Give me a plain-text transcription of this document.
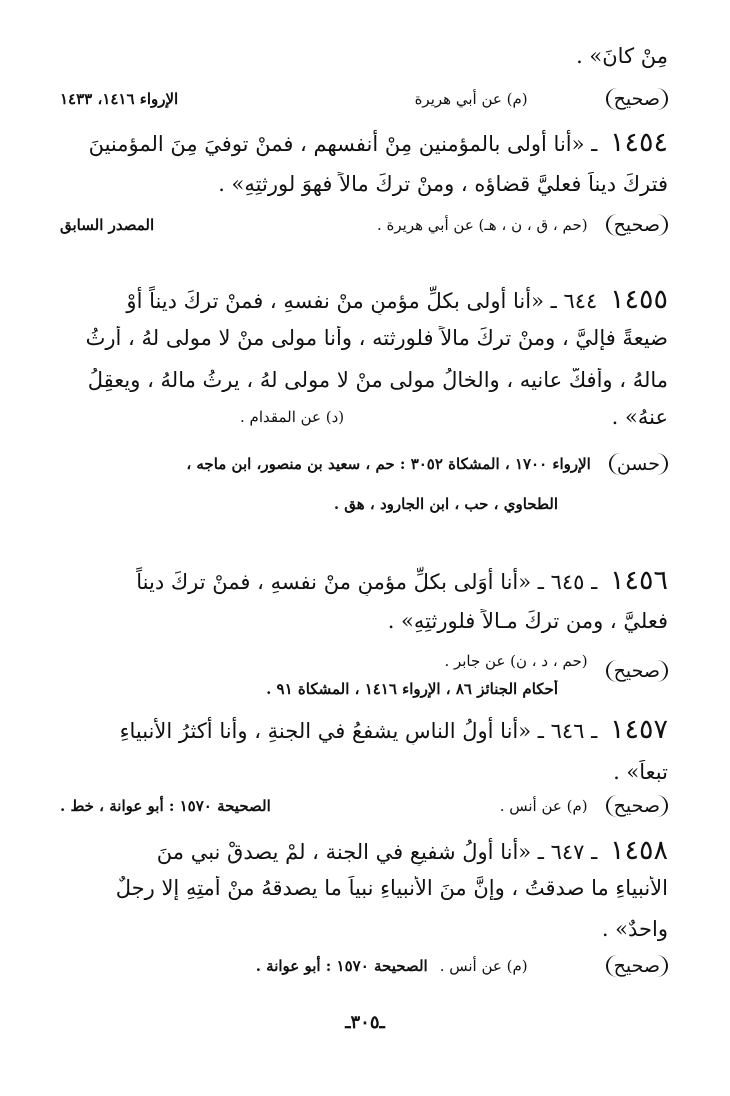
مِنْ كانَ» .
صحيح
(م) عن أبي هريرة
الإرواء ١٤١٦، ١٤٣٣
١٤٥٤ ـ «أنا أولى بالمؤمنين مِنْ أنفسهم ، فمنْ توفيَ مِنَ المؤمنينَ
فتركَ ديناً فعليَّ قضاؤه ، ومنْ تركَ مالاً فهوَ لورثتِهِ» .
صحيح
(حم ، ق ، ن ، هـ) عن أبي هريرة .
المصدر السابق
١٤٥٥ ٦٤٤ ـ «أنا أولى بكلِّ مؤمنٍ منْ نفسهِ ، فمنْ تركَ ديناً أوْ
ضيعةً فإليَّ ، ومنْ تركَ مالاً فلورثته ، وأنا مولى منْ لا مولى لهُ ، أرثُ
مالهُ ، وأفكُّ عانيه ، والخالُ مولى منْ لا مولى لهُ ، يرثُ مالهُ ، ويعقِلُ
عنهُ» .
(د) عن المقدام .
حسن
الإرواء ١٧٠٠ ، المشكاة ٣٠٥٢ : حم ، سعيد بن منصور، ابن ماجه ،
الطحاوي ، حب ، ابن الجارود ، هق .
١٤٥٦ ـ ٦٤٥ ـ «أنا أوَلى بكلِّ مؤمنٍ منْ نفسهِ ، فمنْ تركَ ديناً
فعليَّ ، ومن تركَ مـالاً فلورثتِهِ» .
صحيح
(حم ، د ، ن) عن جابر .
أحكام الجنائز ٨٦ ، الإرواء ١٤١٦ ، المشكاة ٩١ .
١٤٥٧ ـ ٦٤٦ ـ «أنا أولُ الناسِ يشفعُ في الجنةِ ، وأنا أكثرُ الأنبياءِ
تبعاً» .
صحيح
(م) عن أنس .
الصحيحة ١٥٧٠ : أبو عوانة ، خط .
١٤٥٨ ـ ٦٤٧ ـ «أنا أولُ شفيعٍ في الجنة ، لمْ يصدقْ نبي منَ
الأنبياءِ ما صدقتُ ، وإنَّ منَ الأنبياءِ نبياً ما يصدقهُ منْ أُمتِهِ إلا رجلٌ
واحدٌ» .
صحيح
(م) عن أنس .
الصحيحة ١٥٧٠ : أبو عوانة .
ـ٣٠٥ـ
